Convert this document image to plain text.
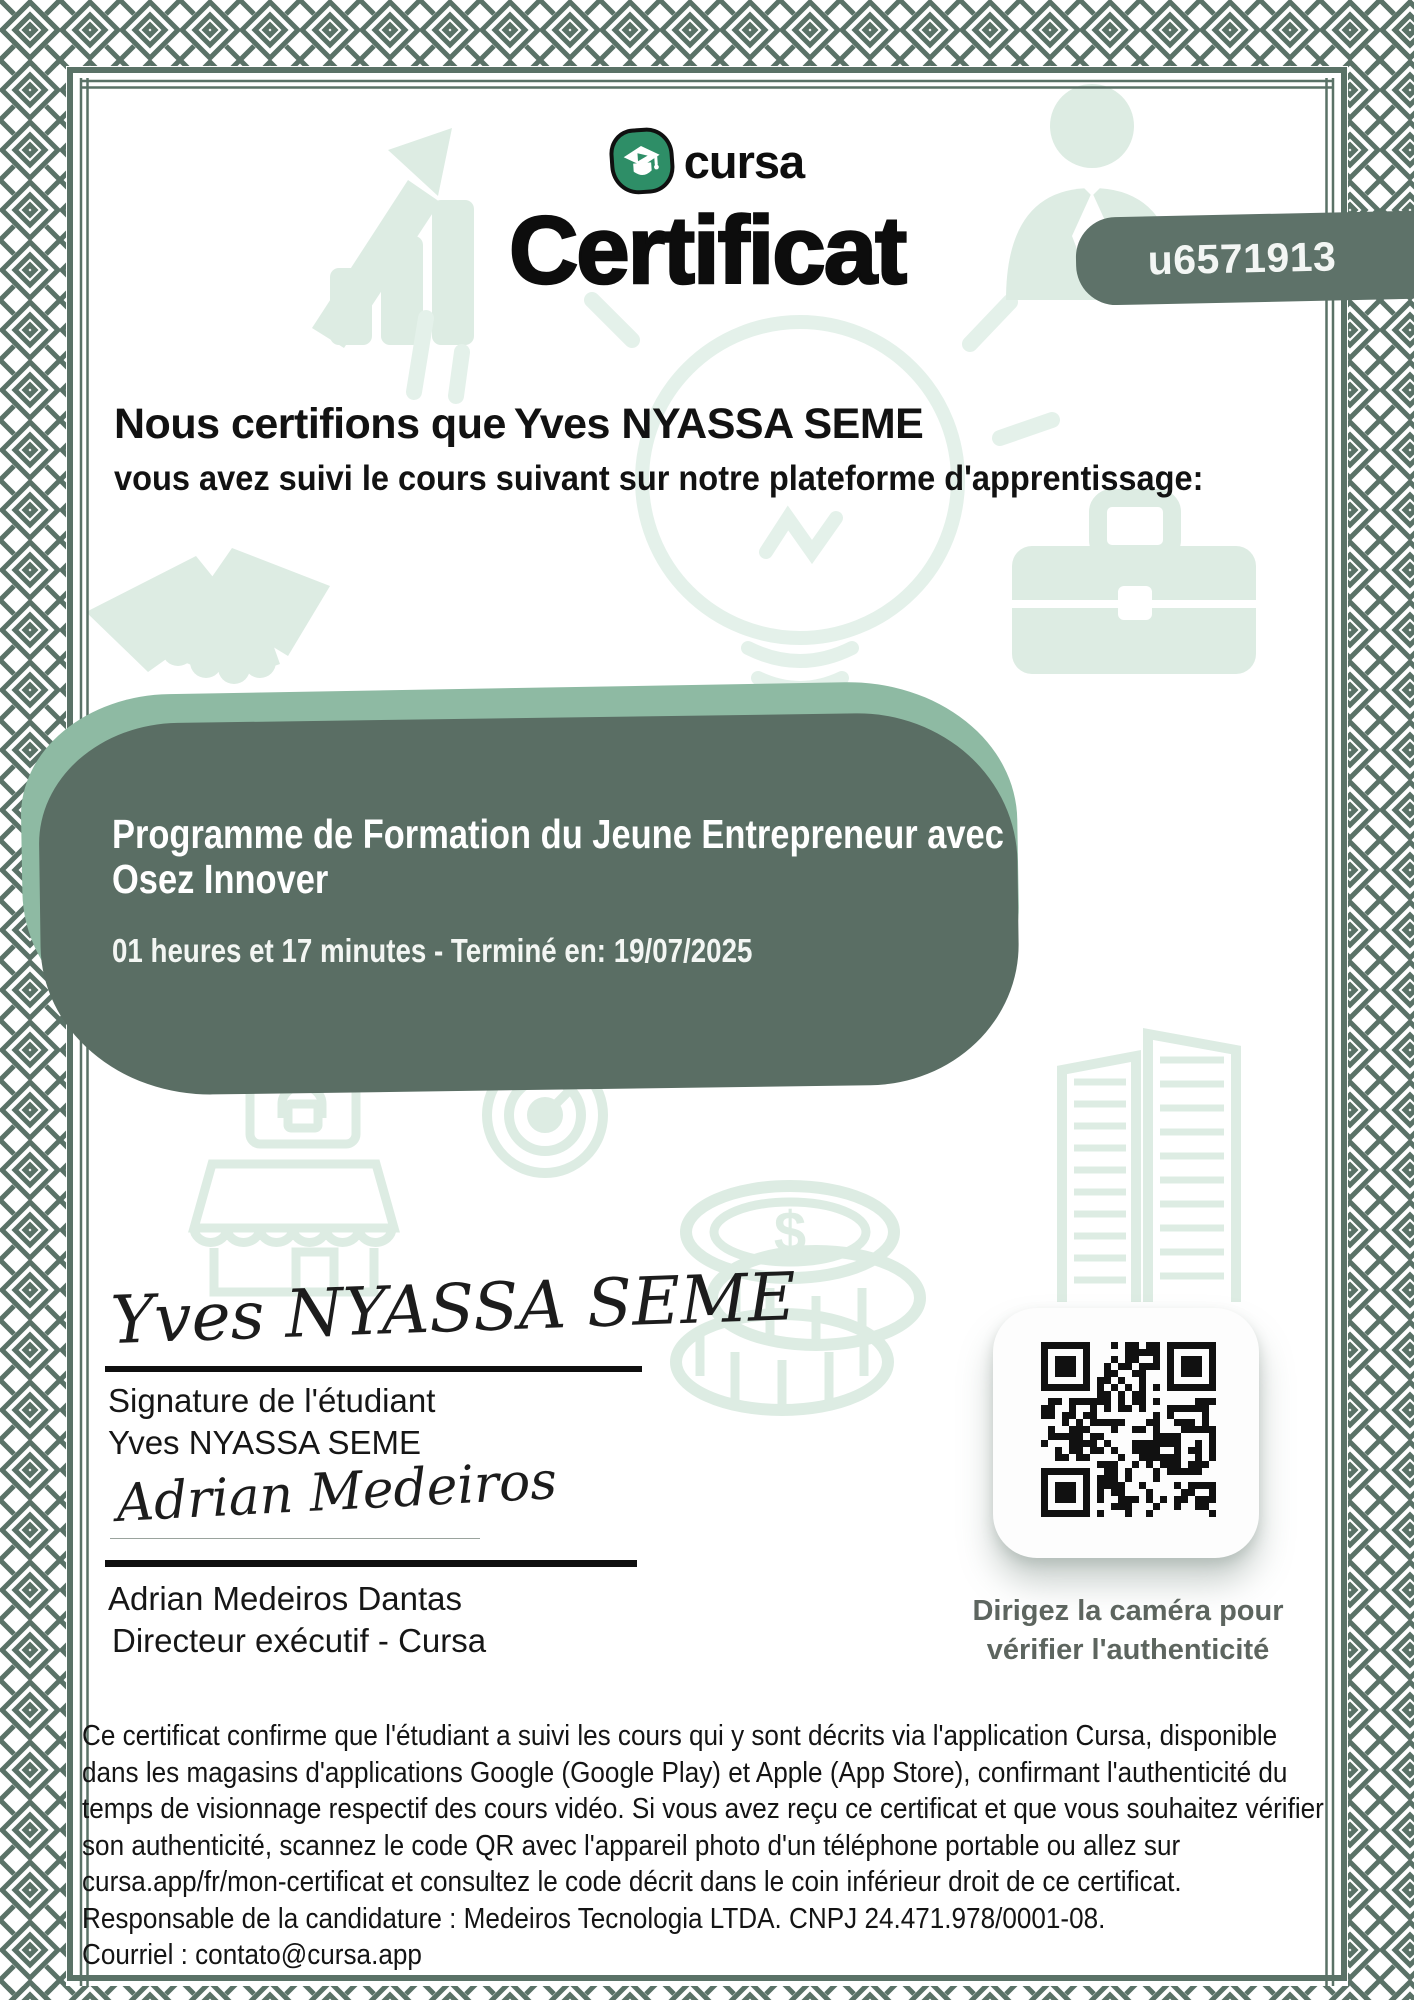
$
cursa
Certificat	u6571913
Nous certifions que Yves NYASSA SEME
vous avez suivi le cours suivant sur notre plateforme d'apprentissage:
Programme de Formation du Jeune Entrepreneur avec Osez Innover
01 heures et 17 minutes - Terminé en: 19/07/2025
Yves NYASSA SEME
Signature de l'étudiant
Yves NYASSA SEME
Adrian Medeiros
Adrian Medeiros Dantas
Directeur exécutif - Cursa
Dirigez la caméra pour
vérifier l'authenticité
Ce certificat confirme que l'étudiant a suivi les cours qui y sont décrits via l'application Cursa, disponible dans les magasins d'applications Google (Google Play) et Apple (App Store), confirmant l'authenticité du temps de visionnage respectif des cours vidéo. Si vous avez reçu ce certificat et que vous souhaitez vérifier son authenticité, scannez le code QR avec l'appareil photo d'un téléphone portable ou allez sur cursa.app/fr/mon-certificat et consultez le code décrit dans le coin inférieur droit de ce certificat.
Responsable de la candidature : Medeiros Tecnologia LTDA. CNPJ 24.471.978/0001-08.
Courriel : contato@cursa.app
